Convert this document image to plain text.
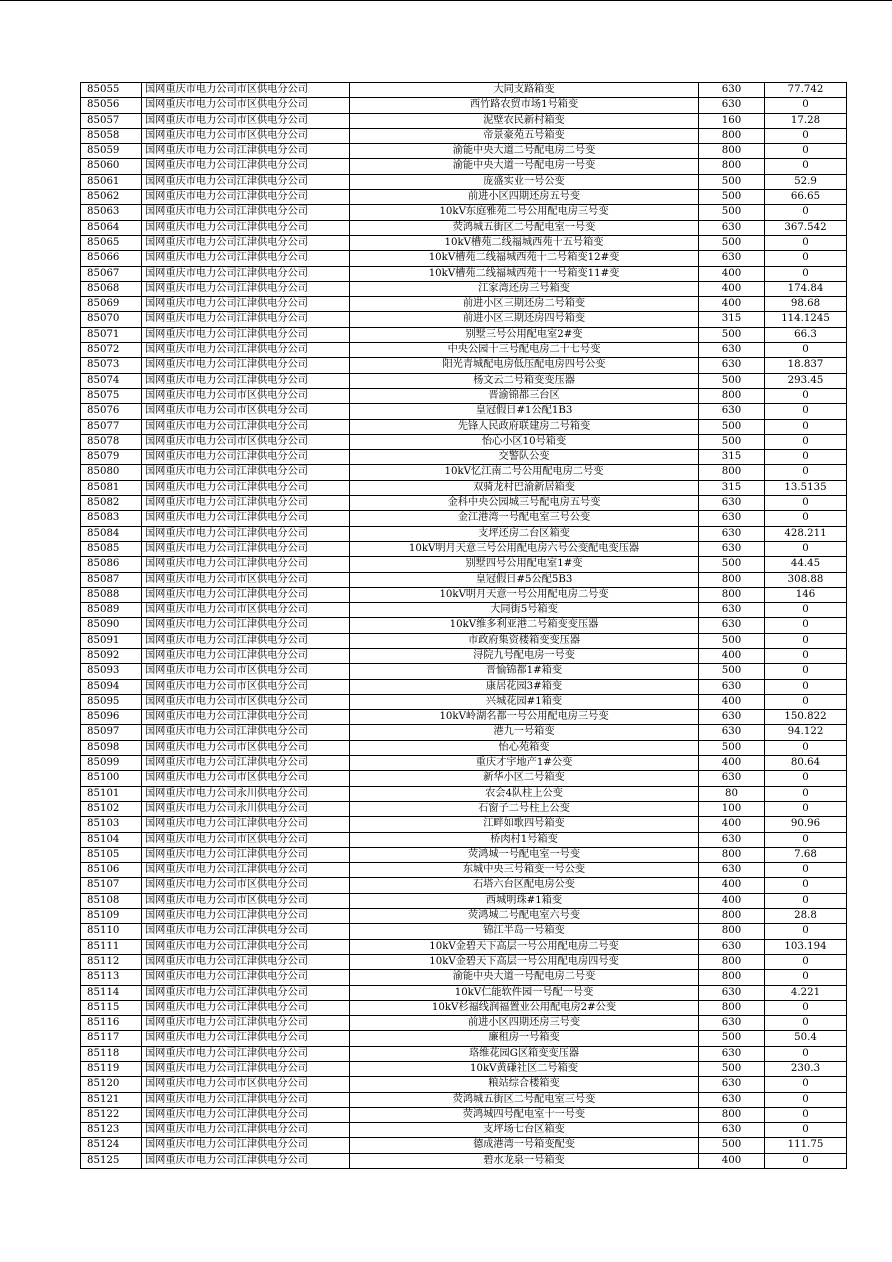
85055	国网重庆市电力公司市区供电分公司	大同支路箱变	630	77.742
85056	国网重庆市电力公司市区供电分公司	西竹路农贸市场1号箱变	630	0
85057	国网重庆市电力公司市区供电分公司	泥壁农民新村箱变	160	17.28
85058	国网重庆市电力公司市区供电分公司	帝景豪苑五号箱变	800	0
85059	国网重庆市电力公司江津供电分公司	渝能中央大道二号配电房二号变	800	0
85060	国网重庆市电力公司江津供电分公司	渝能中央大道一号配电房一号变	800	0
85061	国网重庆市电力公司江津供电分公司	庞盛实业一号公变	500	52.9
85062	国网重庆市电力公司江津供电分公司	前进小区四期还房五号变	500	66.65
85063	国网重庆市电力公司江津供电分公司	10kV东庭雅苑二号公用配电房三号变	500	0
85064	国网重庆市电力公司江津供电分公司	荧鸿城五街区二号配电室一号变	630	367.542
85065	国网重庆市电力公司江津供电分公司	10kV槽苑二线福城西苑十五号箱变	500	0
85066	国网重庆市电力公司江津供电分公司	10kV槽苑二线福城西苑十二号箱变12#变	630	0
85067	国网重庆市电力公司江津供电分公司	10kV槽苑二线福城西苑十一号箱变11#变	400	0
85068	国网重庆市电力公司江津供电分公司	江家湾还房三号箱变	400	174.84
85069	国网重庆市电力公司江津供电分公司	前进小区三期还房二号箱变	400	98.68
85070	国网重庆市电力公司江津供电分公司	前进小区三期还房四号箱变	315	114.1245
85071	国网重庆市电力公司江津供电分公司	别墅三号公用配电室2#变	500	66.3
85072	国网重庆市电力公司江津供电分公司	中央公园十三号配电房二十七号变	630	0
85073	国网重庆市电力公司江津供电分公司	阳光青城配电房低压配电房四号公变	630	18.837
85074	国网重庆市电力公司江津供电分公司	杨文云二号箱变变压器	500	293.45
85075	国网重庆市电力公司市区供电分公司	晋渝锦都三台区	800	0
85076	国网重庆市电力公司市区供电分公司	皇冠假日#1公配1B3	630	0
85077	国网重庆市电力公司江津供电分公司	先锋人民政府联建房二号箱变	500	0
85078	国网重庆市电力公司市区供电分公司	怡心小区10号箱变	500	0
85079	国网重庆市电力公司江津供电分公司	交警队公变	315	0
85080	国网重庆市电力公司江津供电分公司	10kV忆江南二号公用配电房二号变	800	0
85081	国网重庆市电力公司江津供电分公司	双骑龙村巴渝新居箱变	315	13.5135
85082	国网重庆市电力公司江津供电分公司	金科中央公园城三号配电房五号变	630	0
85083	国网重庆市电力公司江津供电分公司	金江港湾一号配电室三号公变	630	0
85084	国网重庆市电力公司江津供电分公司	支坪还房二台区箱变	630	428.211
85085	国网重庆市电力公司江津供电分公司	10kV明月天意三号公用配电房六号公变配电变压器	630	0
85086	国网重庆市电力公司江津供电分公司	别墅四号公用配电室1#变	500	44.45
85087	国网重庆市电力公司市区供电分公司	皇冠假日#5公配5B3	800	308.88
85088	国网重庆市电力公司江津供电分公司	10kV明月天意一号公用配电房二号变	800	146
85089	国网重庆市电力公司市区供电分公司	大同街5号箱变	630	0
85090	国网重庆市电力公司江津供电分公司	10kV维多利亚港二号箱变变压器	630	0
85091	国网重庆市电力公司江津供电分公司	市政府集资楼箱变变压器	500	0
85092	国网重庆市电力公司江津供电分公司	浔院九号配电房一号变	400	0
85093	国网重庆市电力公司市区供电分公司	晋愉锦都1#箱变	500	0
85094	国网重庆市电力公司市区供电分公司	康居花园3#箱变	630	0
85095	国网重庆市电力公司市区供电分公司	兴城花园#1箱变	400	0
85096	国网重庆市电力公司江津供电分公司	10kV岭湖名都一号公用配电房三号变	630	150.822
85097	国网重庆市电力公司江津供电分公司	港九一号箱变	630	94.122
85098	国网重庆市电力公司市区供电分公司	怡心苑箱变	500	0
85099	国网重庆市电力公司江津供电分公司	重庆才宇地产1#公变	400	80.64
85100	国网重庆市电力公司市区供电分公司	新华小区二号箱变	630	0
85101	国网重庆市电力公司永川供电分公司	农会4队柱上公变	80	0
85102	国网重庆市电力公司永川供电分公司	石窗子二号柱上公变	100	0
85103	国网重庆市电力公司江津供电分公司	江畔如歌四号箱变	400	90.96
85104	国网重庆市电力公司市区供电分公司	桥肉村1号箱变	630	0
85105	国网重庆市电力公司江津供电分公司	荧鸿城一号配电室一号变	800	7.68
85106	国网重庆市电力公司江津供电分公司	东城中央三号箱变一号公变	630	0
85107	国网重庆市电力公司市区供电分公司	石塔六台区配电房公变	400	0
85108	国网重庆市电力公司市区供电分公司	西城明珠#1箱变	400	0
85109	国网重庆市电力公司江津供电分公司	荧鸿城二号配电室六号变	800	28.8
85110	国网重庆市电力公司江津供电分公司	锦江半岛一号箱变	800	0
85111	国网重庆市电力公司江津供电分公司	10kV金碧天下高层一号公用配电房二号变	630	103.194
85112	国网重庆市电力公司江津供电分公司	10kV金碧天下高层一号公用配电房四号变	800	0
85113	国网重庆市电力公司江津供电分公司	渝能中央大道一号配电房二号变	800	0
85114	国网重庆市电力公司江津供电分公司	10kV仁能软件园一号配一号变	630	4.221
85115	国网重庆市电力公司江津供电分公司	10kV杉福线润福置业公用配电房2#公变	800	0
85116	国网重庆市电力公司江津供电分公司	前进小区四期还房三号变	630	0
85117	国网重庆市电力公司江津供电分公司	廉租房一号箱变	500	50.4
85118	国网重庆市电力公司江津供电分公司	珞维花园G区箱变变压器	630	0
85119	国网重庆市电力公司江津供电分公司	10kV黄磏社区二号箱变	500	230.3
85120	国网重庆市电力公司市区供电分公司	粮站综合楼箱变	630	0
85121	国网重庆市电力公司江津供电分公司	荧鸿城五街区二号配电室三号变	630	0
85122	国网重庆市电力公司江津供电分公司	荧鸿城四号配电室十一号变	800	0
85123	国网重庆市电力公司江津供电分公司	支坪场七台区箱变	630	0
85124	国网重庆市电力公司江津供电分公司	德成港湾一号箱变配变	500	111.75
85125	国网重庆市电力公司江津供电分公司	碧水龙泉一号箱变	400	0
